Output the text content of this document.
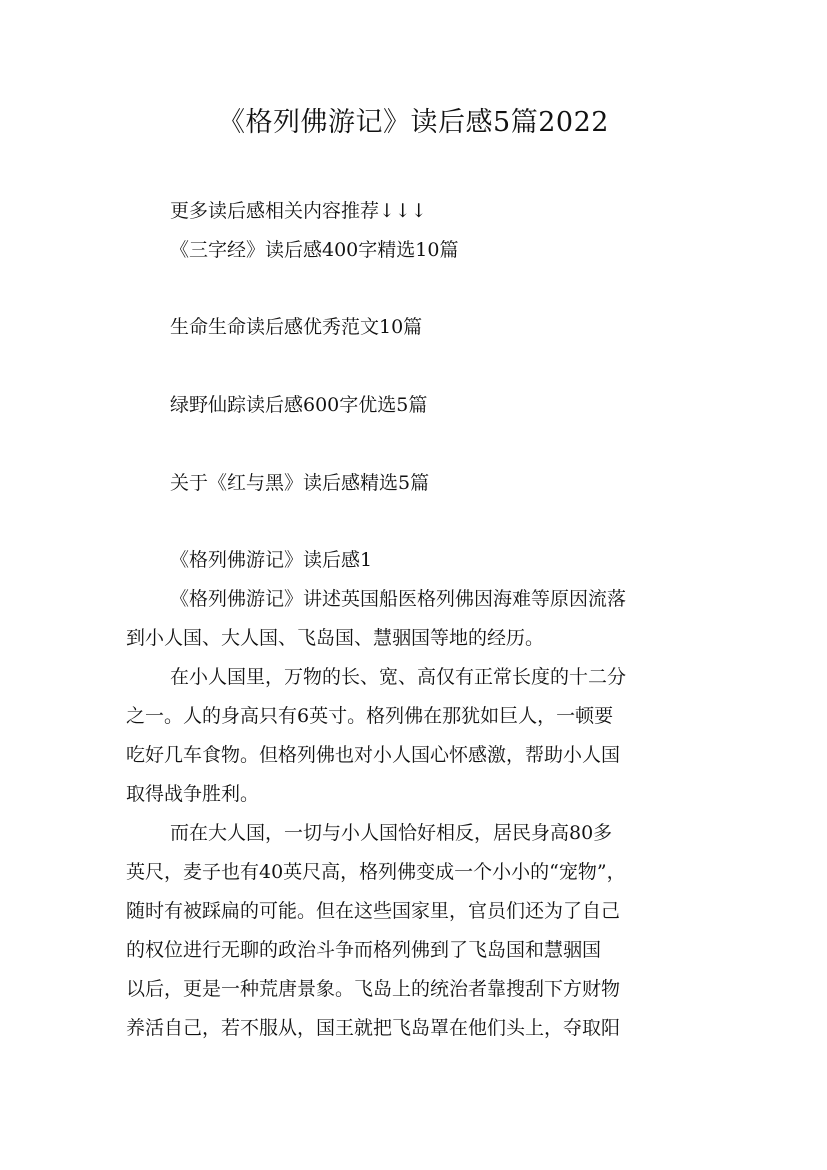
《格列佛游记》读后感5篇2022

更多读后感相关内容推荐↓↓↓

《三字经》读后感400字精选10篇

生命生命读后感优秀范文10篇

绿野仙踪读后感600字优选5篇

关于《红与黑》读后感精选5篇

《格列佛游记》读后感1

《格列佛游记》讲述英国船医格列佛因海难等原因流落

到小人国、大人国、飞岛国、慧骃国等地的经历。

在小人国里，万物的长、宽、高仅有正常长度的十二分

之一。人的身高只有6英寸。格列佛在那犹如巨人，一顿要

吃好几车食物。但格列佛也对小人国心怀感激，帮助小人国

取得战争胜利。

而在大人国，一切与小人国恰好相反，居民身高80多

英尺，麦子也有40英尺高，格列佛变成一个小小的“宠物”，

随时有被踩扁的可能。但在这些国家里，官员们还为了自己

的权位进行无聊的政治斗争而格列佛到了飞岛国和慧骃国

以后，更是一种荒唐景象。飞岛上的统治者靠搜刮下方财物

养活自己，若不服从，国王就把飞岛罩在他们头上，夺取阳
